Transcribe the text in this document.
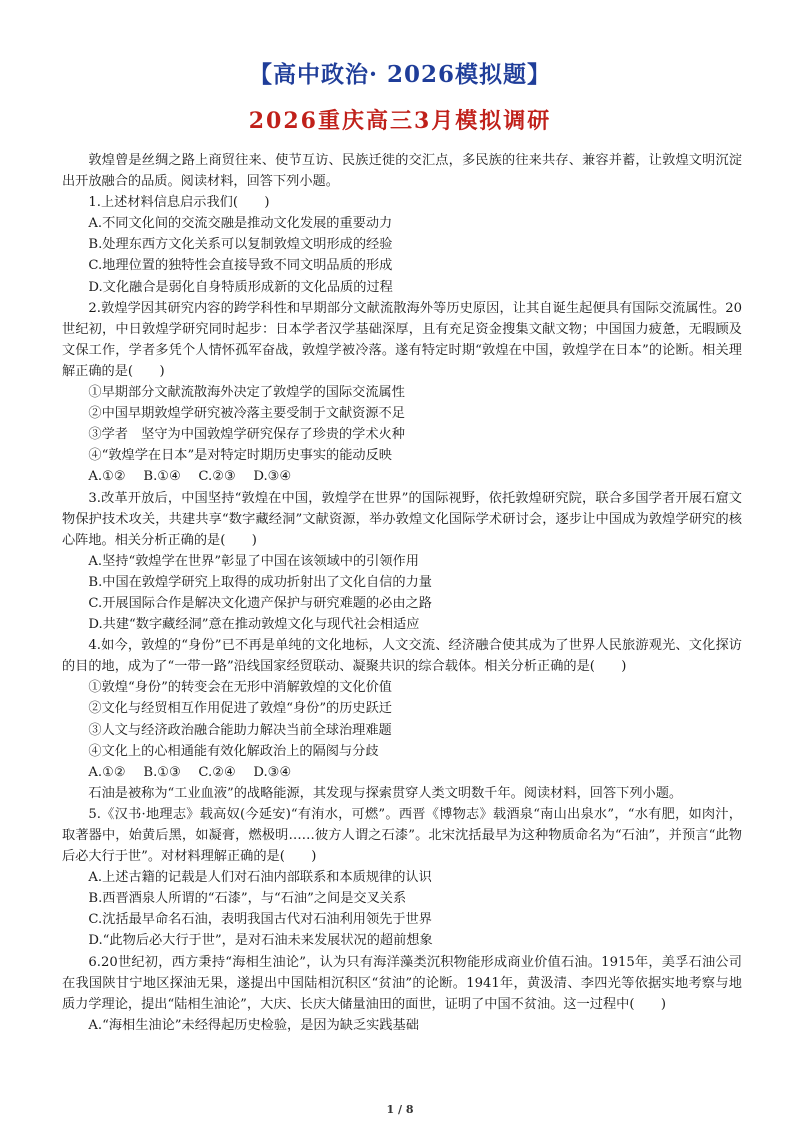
【高中政治· 2026模拟题】
2026重庆高三3月模拟调研

敦煌曾是丝绸之路上商贸往来、使节互访、民族迁徙的交汇点，多民族的往来共存、兼容并蓄，让敦煌文明沉淀出开放融合的品质。阅读材料，回答下列小题。

1.上述材料信息启示我们(　　)

A.不同文化间的交流交融是推动文化发展的重要动力

B.处理东西方文化关系可以复制敦煌文明形成的经验

C.地理位置的独特性会直接导致不同文明品质的形成

D.文化融合是弱化自身特质形成新的文化品质的过程

2.敦煌学因其研究内容的跨学科性和早期部分文献流散海外等历史原因，让其自诞生起便具有国际交流属性。20世纪初，中日敦煌学研究同时起步：日本学者汉学基础深厚，且有充足资金搜集文献文物；中国国力疲惫，无暇顾及文保工作，学者多凭个人情怀孤军奋战，敦煌学被冷落。遂有特定时期“敦煌在中国，敦煌学在日本”的论断。相关理解正确的是(　　)

①早期部分文献流散海外决定了敦煌学的国际交流属性

②中国早期敦煌学研究被冷落主要受制于文献资源不足

③学者　坚守为中国敦煌学研究保存了珍贵的学术火种

④“敦煌学在日本”是对特定时期历史事实的能动反映

A.①② B.①④ C.②③ D.③④

3.改革开放后，中国坚持“敦煌在中国，敦煌学在世界”的国际视野，依托敦煌研究院，联合多国学者开展石窟文物保护技术攻关，共建共享“数字藏经洞”文献资源，举办敦煌文化国际学术研讨会，逐步让中国成为敦煌学研究的核心阵地。相关分析正确的是(　　)

A.坚持“敦煌学在世界”彰显了中国在该领域中的引领作用

B.中国在敦煌学研究上取得的成功折射出了文化自信的力量

C.开展国际合作是解决文化遗产保护与研究难题的必由之路

D.共建“数字藏经洞”意在推动敦煌文化与现代社会相适应

4.如今，敦煌的“身份”已不再是单纯的文化地标，人文交流、经济融合使其成为了世界人民旅游观光、文化探访的目的地，成为了“一带一路”沿线国家经贸联动、凝聚共识的综合载体。相关分析正确的是(　　)

①敦煌“身份”的转变会在无形中消解敦煌的文化价值

②文化与经贸相互作用促进了敦煌“身份”的历史跃迁

③人文与经济政治融合能助力解决当前全球治理难题

④文化上的心相通能有效化解政治上的隔阂与分歧

A.①② B.①③ C.②④ D.③④

石油是被称为“工业血液”的战略能源，其发现与探索贯穿人类文明数千年。阅读材料，回答下列小题。

5.《汉书·地理志》载高奴(今延安)“有洧水，可燃”。西晋《博物志》载酒泉“南山出泉水”，“水有肥，如肉汁，取著器中，始黄后黑，如凝膏，燃极明……彼方人谓之石漆”。北宋沈括最早为这种物质命名为“石油”，并预言“此物后必大行于世”。对材料理解正确的是(　　)

A.上述古籍的记载是人们对石油内部联系和本质规律的认识

B.西晋酒泉人所谓的“石漆”，与“石油”之间是交叉关系

C.沈括最早命名石油，表明我国古代对石油利用领先于世界

D.“此物后必大行于世”，是对石油未来发展状况的超前想象

6.20世纪初，西方秉持“海相生油论”，认为只有海洋藻类沉积物能形成商业价值石油。1915年，美孚石油公司在我国陕甘宁地区探油无果，遂提出中国陆相沉积区“贫油”的论断。1941年，黄汲清、李四光等依据实地考察与地质力学理论，提出“陆相生油论”，大庆、长庆大储量油田的面世，证明了中国不贫油。这一过程中(　　)

A.“海相生油论”未经得起历史检验，是因为缺乏实践基础

1 / 8
